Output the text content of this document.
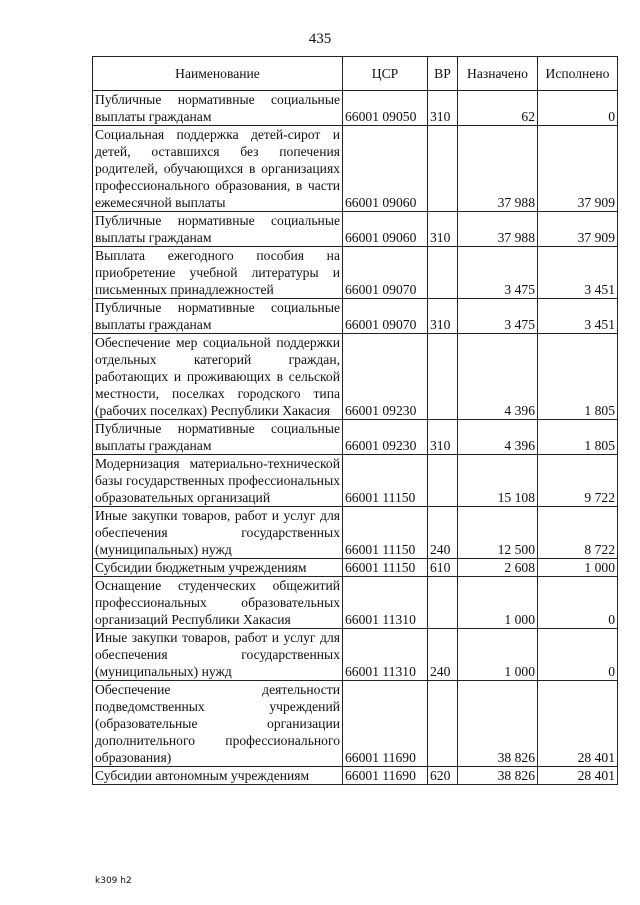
435
Наименование	ЦСР	ВР	Назначено	Исполнено
Публичные нормативные социальные выплаты гражданам	66001 09050	310	62	0
Социальная поддержка детей-сирот и детей, оставшихся без попечения родителей, обучающихся в организациях профессионального образования, в части ежемесячной выплаты	66001 09060		37 988	37 909
Публичные нормативные социальные выплаты гражданам	66001 09060	310	37 988	37 909
Выплата ежегодного пособия на приобретение учебной литературы и письменных принадлежностей	66001 09070		3 475	3 451
Публичные нормативные социальные выплаты гражданам	66001 09070	310	3 475	3 451
Обеспечение мер социальной поддержки отдельных категорий граждан, работающих и проживающих в сельской местности, поселках городского типа (рабочих поселках) Республики Хакасия	66001 09230		4 396	1 805
Публичные нормативные социальные выплаты гражданам	66001 09230	310	4 396	1 805
Модернизация материально-технической базы государственных профессиональных образовательных организаций	66001 11150		15 108	9 722
Иные закупки товаров, работ и услуг для обеспечения государственных (муниципальных) нужд	66001 11150	240	12 500	8 722
Субсидии бюджетным учреждениям	66001 11150	610	2 608	1 000
Оснащение студенческих общежитий профессиональных образовательных организаций Республики Хакасия	66001 11310		1 000	0
Иные закупки товаров, работ и услуг для обеспечения государственных (муниципальных) нужд	66001 11310	240	1 000	0
Обеспечение деятельности подведомственных учреждений (образовательные организации дополнительного профессионального образования)	66001 11690		38 826	28 401
Субсидии автономным учреждениям	66001 11690	620	38 826	28 401
k309 h2
